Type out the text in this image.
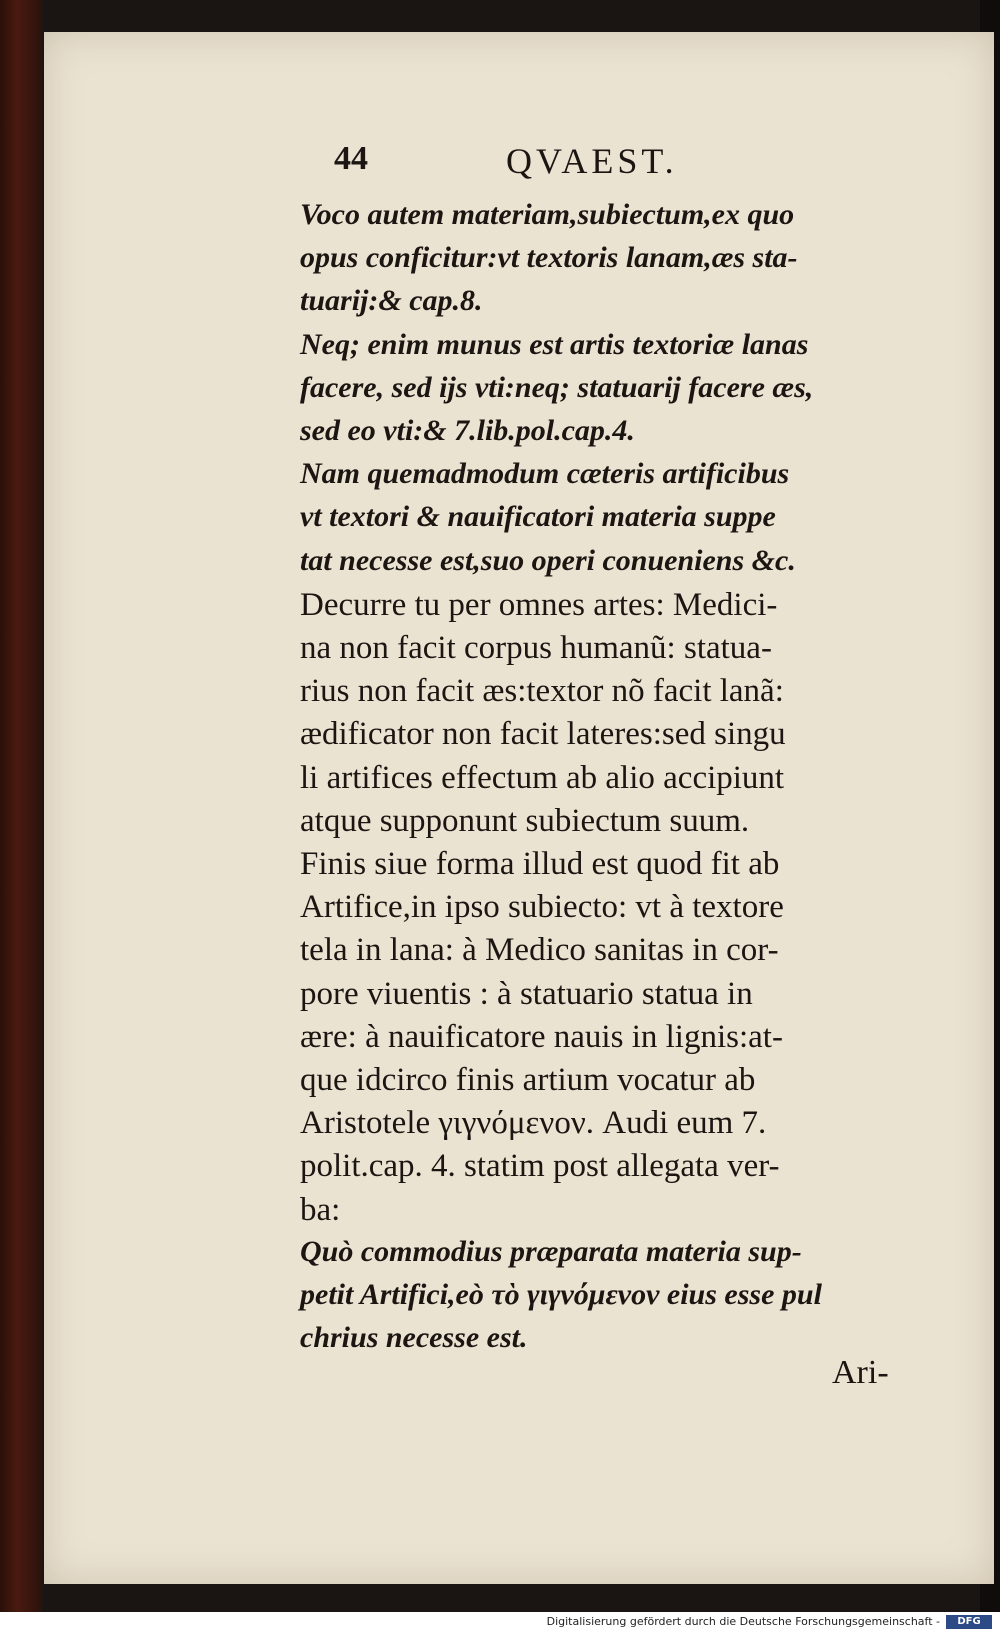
44	QVAEST.
Voco autem materiam,subiectum,ex quo
opus conficitur:vt textoris lanam,æs sta-
tuarij:& cap.8.
Neq; enim munus est artis textoriæ lanas
facere, sed ijs vti:neq; statuarij facere æs,
sed eo vti:& 7.lib.pol.cap.4.
Nam quemadmodum cæteris artificibus
vt textori & nauificatori materia suppe
tat necesse est,suo operi conueniens &c.
Decurre tu per omnes artes: Medici-
na non facit corpus humanũ: statua-
rius non facit æs:textor nõ facit lanã:
ædificator non facit lateres:sed singu
li artifices effectum ab alio accipiunt
atque supponunt subiectum suum.
Finis siue forma illud est quod fit ab
Artifice,in ipso subiecto: vt à textore
tela in lana: à Medico sanitas in cor-
pore viuentis : à statuario statua in
ære: à nauificatore nauis in lignis:at-
que idcirco finis artium vocatur ab
Aristotele γιγνόμενον. Audi eum 7.
polit.cap. 4. statim post allegata ver-
ba:
Quò commodius præparata materia sup-
petit Artifici,eò τὸ γιγνόμενον eius esse pul
chrius necesse est.
Ari-
Digitalisierung gefördert durch die Deutsche Forschungsgemeinschaft -	DFG
